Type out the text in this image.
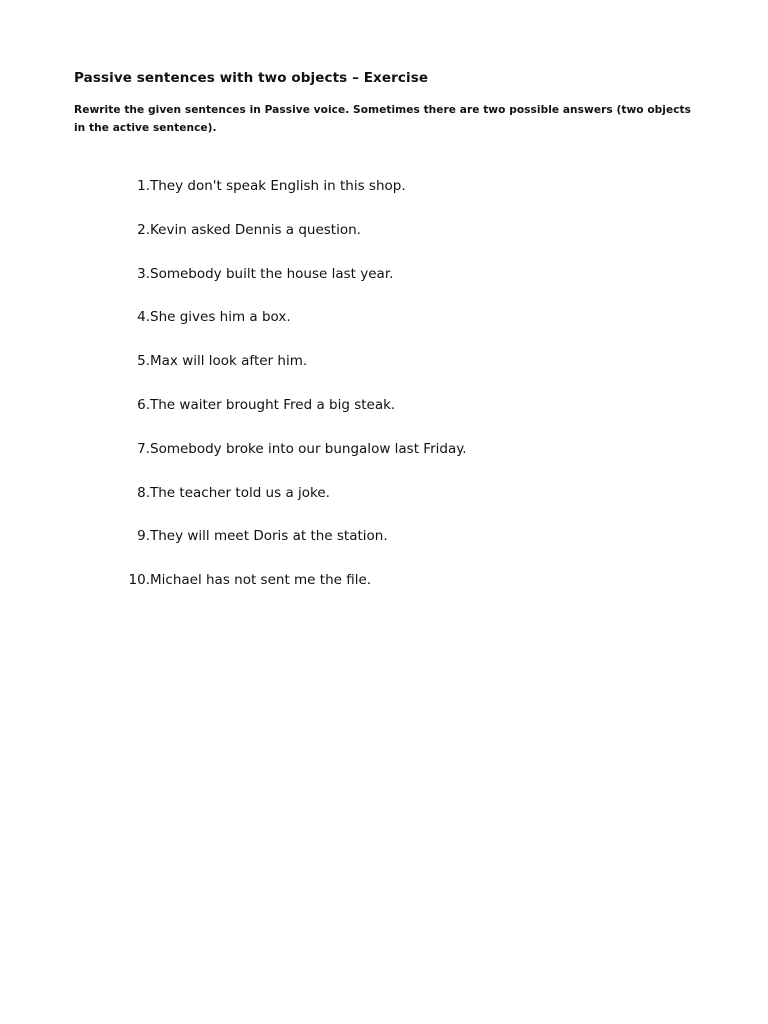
Passive sentences with two objects – Exercise
Rewrite the given sentences in Passive voice. Sometimes there are two possible answers (two objects in the active sentence).
1. They don't speak English in this shop.
2. Kevin asked Dennis a question.
3. Somebody built the house last year.
4. She gives him a box.
5. Max will look after him.
6. The waiter brought Fred a big steak.
7. Somebody broke into our bungalow last Friday.
8. The teacher told us a joke.
9. They will meet Doris at the station.
10. Michael has not sent me the file.
